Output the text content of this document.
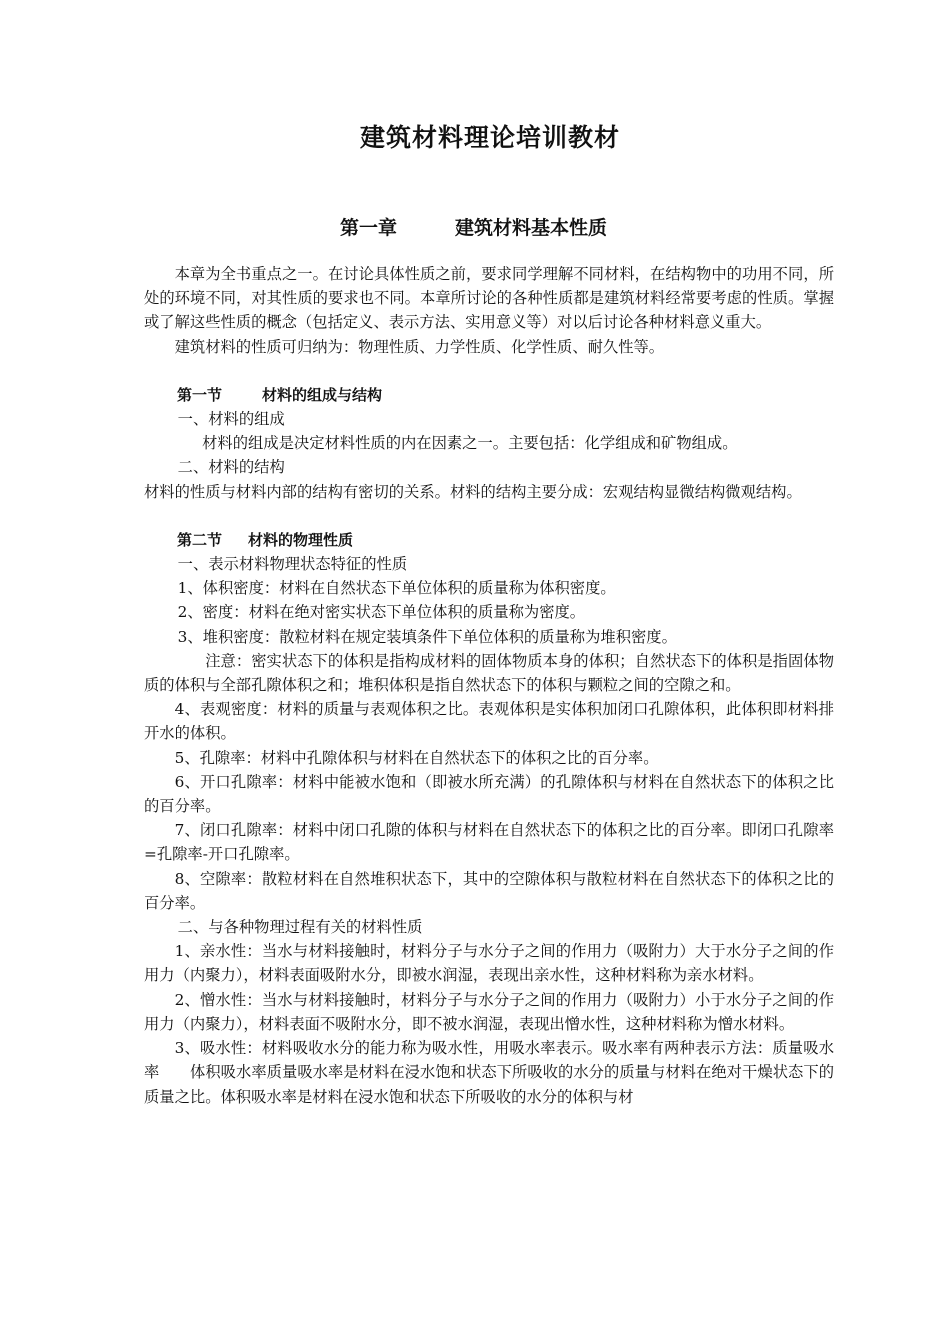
建筑材料理论培训教材
第一章	建筑材料基本性质

本章为全书重点之一。在讨论具体性质之前，要求同学理解不同材料，在结构物中的功用不同，所处的环境不同，对其性质的要求也不同。本章所讨论的各种性质都是建筑材料经常要考虑的性质。掌握或了解这些性质的概念（包括定义、表示方法、实用意义等）对以后讨论各种材料意义重大。

建筑材料的性质可归纳为：物理性质、力学性质、化学性质、耐久性等。

第一节	材料的组成与结构

一、材料的组成

材料的组成是决定材料性质的内在因素之一。主要包括：化学组成和矿物组成。

二、材料的结构

材料的性质与材料内部的结构有密切的关系。材料的结构主要分成：宏观结构显微结构微观结构。

第二节 材料的物理性质

一、表示材料物理状态特征的性质

1、体积密度：材料在自然状态下单位体积的质量称为体积密度。

2、密度：材料在绝对密实状态下单位体积的质量称为密度。

3、堆积密度：散粒材料在规定装填条件下单位体积的质量称为堆积密度。

注意：密实状态下的体积是指构成材料的固体物质本身的体积；自然状态下的体积是指固体物质的体积与全部孔隙体积之和；堆积体积是指自然状态下的体积与颗粒之间的空隙之和。

4、表观密度：材料的质量与表观体积之比。表观体积是实体积加闭口孔隙体积，此体积即材料排开水的体积。

5、孔隙率：材料中孔隙体积与材料在自然状态下的体积之比的百分率。

6、开口孔隙率：材料中能被水饱和（即被水所充满）的孔隙体积与材料在自然状态下的体积之比的百分率。

7、闭口孔隙率：材料中闭口孔隙的体积与材料在自然状态下的体积之比的百分率。即闭口孔隙率=孔隙率-开口孔隙率。

8、空隙率：散粒材料在自然堆积状态下，其中的空隙体积与散粒材料在自然状态下的体积之比的百分率。

二、与各种物理过程有关的材料性质

1、亲水性：当水与材料接触时，材料分子与水分子之间的作用力（吸附力）大于水分子之间的作用力（内聚力），材料表面吸附水分，即被水润湿，表现出亲水性，这种材料称为亲水材料。

2、憎水性：当水与材料接触时，材料分子与水分子之间的作用力（吸附力）小于水分子之间的作用力（内聚力），材料表面不吸附水分，即不被水润湿，表现出憎水性，这种材料称为憎水材料。

3、吸水性：材料吸收水分的能力称为吸水性，用吸水率表示。吸水率有两种表示方法：质量吸水率　　体积吸水率质量吸水率是材料在浸水饱和状态下所吸收的水分的质量与材料在绝对干燥状态下的质量之比。体积吸水率是材料在浸水饱和状态下所吸收的水分的体积与材
